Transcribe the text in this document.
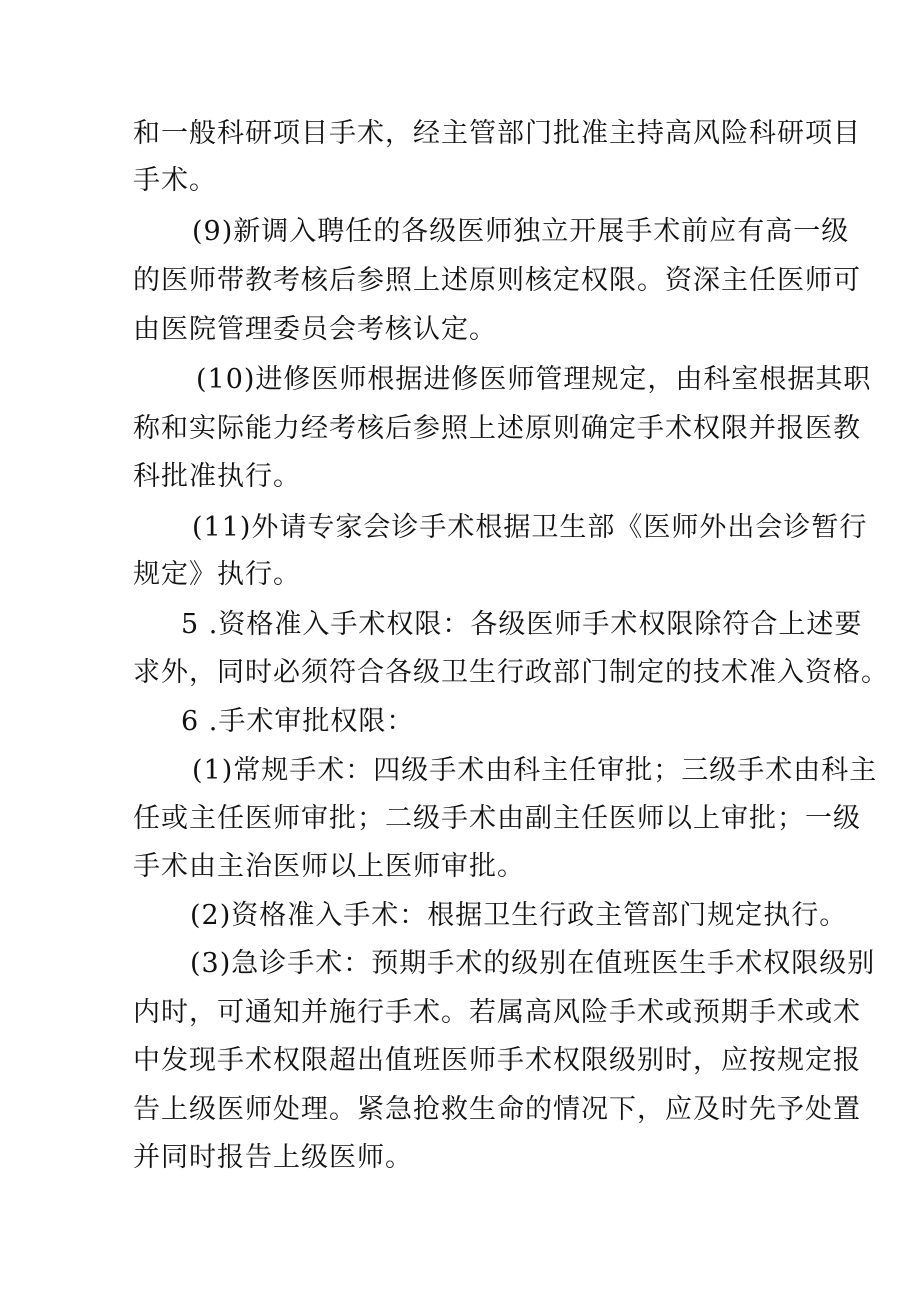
和一般科研项目手术，经主管部门批准主持高风险科研项目
手术。
(9)新调入聘任的各级医师独立开展手术前应有高一级
的医师带教考核后参照上述原则核定权限。资深主任医师可
由医院管理委员会考核认定。
(10)进修医师根据进修医师管理规定，由科室根据其职
称和实际能力经考核后参照上述原则确定手术权限并报医教
科批准执行。
(11)外请专家会诊手术根据卫生部《医师外出会诊暂行
规定》执行。
5 .资格准入手术权限：各级医师手术权限除符合上述要
求外，同时必须符合各级卫生行政部门制定的技术准入资格。
6 .手术审批权限：
(1)常规手术：四级手术由科主任审批；三级手术由科主
任或主任医师审批；二级手术由副主任医师以上审批；一级
手术由主治医师以上医师审批。
(2)资格准入手术：根据卫生行政主管部门规定执行。
(3)急诊手术：预期手术的级别在值班医生手术权限级别
内时，可通知并施行手术。若属高风险手术或预期手术或术
中发现手术权限超出值班医师手术权限级别时，应按规定报
告上级医师处理。紧急抢救生命的情况下，应及时先予处置
并同时报告上级医师。
